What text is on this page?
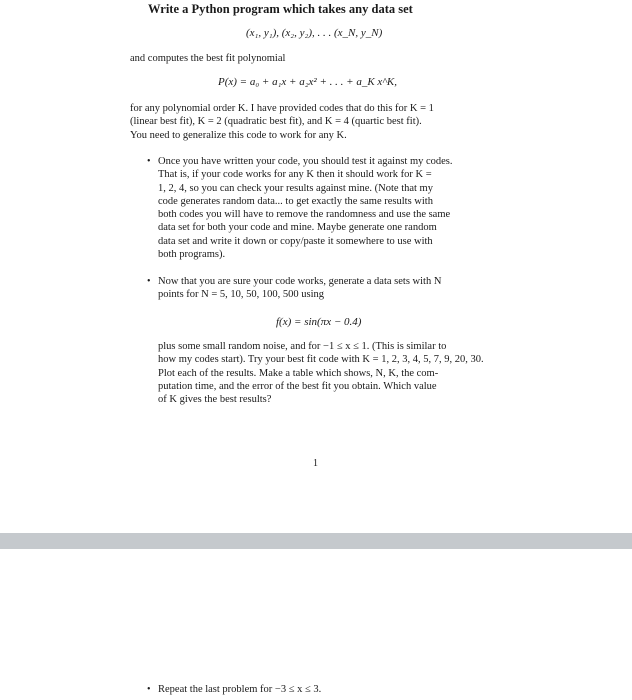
Write a Python program which takes any data set
(x₁, y₁), (x₂, y₂), . . . (x_N, y_N)
and computes the best fit polynomial
P(x) = a₀ + a₁x + a₂x² + . . . + a_K x^K,
for any polynomial order K. I have provided codes that do this for K = 1
(linear best fit), K = 2 (quadratic best fit), and K = 4 (quartic best fit).
You need to generalize this code to work for any K.
• Once you have written your code, you should test it against my codes.
That is, if your code works for any K then it should work for K =
1, 2, 4, so you can check your results against mine. (Note that my
code generates random data... to get exactly the same results with
both codes you will have to remove the randomness and use the same
data set for both your code and mine. Maybe generate one random
data set and write it down or copy/paste it somewhere to use with
both programs).
• Now that you are sure your code works, generate a data sets with N
points for N = 5, 10, 50, 100, 500 using
f(x) = sin(πx − 0.4)
plus some small random noise, and for −1 ≤ x ≤ 1. (This is similar to
how my codes start). Try your best fit code with K = 1, 2, 3, 4, 5, 7, 9, 20, 30.
Plot each of the results. Make a table which shows, N, K, the com-
putation time, and the error of the best fit you obtain. Which value
of K gives the best results?
1
• Repeat the last problem for −3 ≤ x ≤ 3.
